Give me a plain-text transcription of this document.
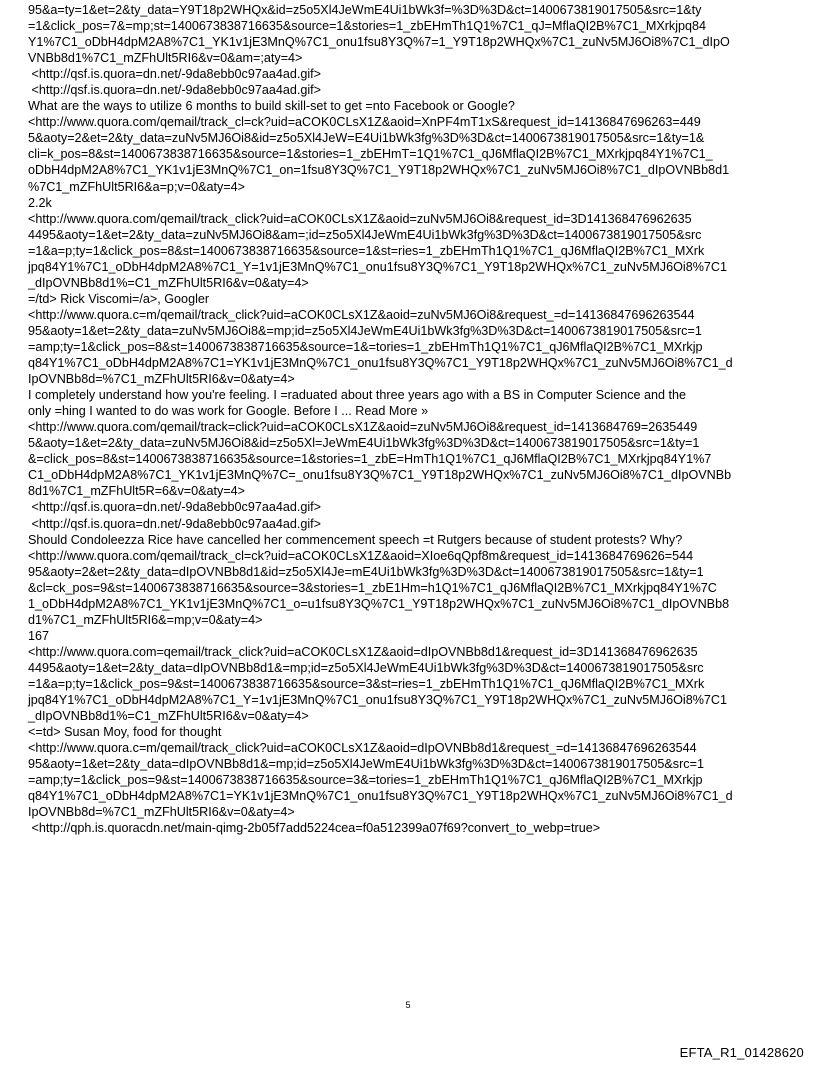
95&a=ty=1&et=2&ty_data=Y9T18p2WHQx&id=z5o5Xl4JeWmE4Ui1bWk3f=%3D%3D&ct=1400673819017505&src=1&ty
=1&click_pos=7&=mp;st=1400673838716635&source=1&stories=1_zbEHmTh1Q1%7C1_qJ=MflaQI2B%7C1_MXrkjpq84
Y1%7C1_oDbH4dpM2A8%7C1_YK1v1jE3MnQ%7C1_onu1fsu8Y3Q%7=1_Y9T18p2WHQx%7C1_zuNv5MJ6Oi8%7C1_dIpO
VNBb8d1%7C1_mZFhUlt5RI6&v=0&am=;aty=4>
<http://qsf.is.quora=dn.net/-9da8ebb0c97aa4ad.gif>
<http://qsf.is.quora=dn.net/-9da8ebb0c97aa4ad.gif>
What are the ways to utilize 6 months to build skill-set to get =nto Facebook or Google?
<http://www.quora.com/qemail/track_cl=ck?uid=aCOK0CLsX1Z&aoid=XnPF4mT1xS&request_id=14136847696263=449
5&aoty=2&et=2&ty_data=zuNv5MJ6Oi8&id=z5o5Xl4JeW=E4Ui1bWk3fg%3D%3D&ct=1400673819017505&src=1&ty=1&
cli=k_pos=8&st=1400673838716635&source=1&stories=1_zbEHmT=1Q1%7C1_qJ6MflaQI2B%7C1_MXrkjpq84Y1%7C1_
oDbH4dpM2A8%7C1_YK1v1jE3MnQ%7C1_on=1fsu8Y3Q%7C1_Y9T18p2WHQx%7C1_zuNv5MJ6Oi8%7C1_dIpOVNBb8d1
%7C1_mZFhUlt5RI6&a=p;v=0&aty=4>
2.2k
<http://www.quora.com/qemail/track_click?uid=aCOK0CLsX1Z&aoid=zuNv5MJ6Oi8&request_id=3D141368476962635
4495&aoty=1&et=2&ty_data=zuNv5MJ6Oi8&am=;id=z5o5Xl4JeWmE4Ui1bWk3fg%3D%3D&ct=1400673819017505&src
=1&a=p;ty=1&click_pos=8&st=1400673838716635&source=1&st=ries=1_zbEHmTh1Q1%7C1_qJ6MflaQI2B%7C1_MXrk
jpq84Y1%7C1_oDbH4dpM2A8%7C1_Y=1v1jE3MnQ%7C1_onu1fsu8Y3Q%7C1_Y9T18p2WHQx%7C1_zuNv5MJ6Oi8%7C1
_dIpOVNBb8d1%=C1_mZFhUlt5RI6&v=0&aty=4>
=/td> Rick Viscomi=/a>, Googler
<http://www.quora.c=m/qemail/track_click?uid=aCOK0CLsX1Z&aoid=zuNv5MJ6Oi8&request_=d=14136847696263544
95&aoty=1&et=2&ty_data=zuNv5MJ6Oi8&=mp;id=z5o5Xl4JeWmE4Ui1bWk3fg%3D%3D&ct=1400673819017505&src=1
=amp;ty=1&click_pos=8&st=1400673838716635&source=1&=tories=1_zbEHmTh1Q1%7C1_qJ6MflaQI2B%7C1_MXrkjp
q84Y1%7C1_oDbH4dpM2A8%7C1=YK1v1jE3MnQ%7C1_onu1fsu8Y3Q%7C1_Y9T18p2WHQx%7C1_zuNv5MJ6Oi8%7C1_d
IpOVNBb8d=%7C1_mZFhUlt5RI6&v=0&aty=4>
I completely understand how you're feeling. I =raduated about three years ago with a BS in Computer Science and the
only =hing I wanted to do was work for Google. Before I ... Read More »
<http://www.quora.com/qemail/track=click?uid=aCOK0CLsX1Z&aoid=zuNv5MJ6Oi8&request_id=1413684769=2635449
5&aoty=1&et=2&ty_data=zuNv5MJ6Oi8&id=z5o5Xl=JeWmE4Ui1bWk3fg%3D%3D&ct=1400673819017505&src=1&ty=1
&=click_pos=8&st=1400673838716635&source=1&stories=1_zbE=HmTh1Q1%7C1_qJ6MflaQI2B%7C1_MXrkjpq84Y1%7
C1_oDbH4dpM2A8%7C1_YK1v1jE3MnQ%7C=_onu1fsu8Y3Q%7C1_Y9T18p2WHQx%7C1_zuNv5MJ6Oi8%7C1_dIpOVNBb
8d1%7C1_mZFhUlt5R=6&v=0&aty=4>
<http://qsf.is.quora=dn.net/-9da8ebb0c97aa4ad.gif>
<http://qsf.is.quora=dn.net/-9da8ebb0c97aa4ad.gif>
Should Condoleezza Rice have cancelled her commencement speech =t Rutgers because of student protests? Why?
<http://www.quora.com/qemail/track_cl=ck?uid=aCOK0CLsX1Z&aoid=XIoe6qQpf8m&request_id=1413684769626=544
95&aoty=2&et=2&ty_data=dIpOVNBb8d1&id=z5o5Xl4Je=mE4Ui1bWk3fg%3D%3D&ct=1400673819017505&src=1&ty=1
&cl=ck_pos=9&st=1400673838716635&source=3&stories=1_zbE1Hm=h1Q1%7C1_qJ6MflaQI2B%7C1_MXrkjpq84Y1%7C
1_oDbH4dpM2A8%7C1_YK1v1jE3MnQ%7C1_o=u1fsu8Y3Q%7C1_Y9T18p2WHQx%7C1_zuNv5MJ6Oi8%7C1_dIpOVNBb8
d1%7C1_mZFhUlt5RI6&=mp;v=0&aty=4>
167
<http://www.quora.com=qemail/track_click?uid=aCOK0CLsX1Z&aoid=dIpOVNBb8d1&request_id=3D141368476962635
4495&aoty=1&et=2&ty_data=dIpOVNBb8d1&=mp;id=z5o5Xl4JeWmE4Ui1bWk3fg%3D%3D&ct=1400673819017505&src
=1&a=p;ty=1&click_pos=9&st=1400673838716635&source=3&st=ries=1_zbEHmTh1Q1%7C1_qJ6MflaQI2B%7C1_MXrk
jpq84Y1%7C1_oDbH4dpM2A8%7C1_Y=1v1jE3MnQ%7C1_onu1fsu8Y3Q%7C1_Y9T18p2WHQx%7C1_zuNv5MJ6Oi8%7C1
_dIpOVNBb8d1%=C1_mZFhUlt5RI6&v=0&aty=4>
<=td> Susan Moy, food for thought
<http://www.quora.c=m/qemail/track_click?uid=aCOK0CLsX1Z&aoid=dIpOVNBb8d1&request_=d=14136847696263544
95&aoty=1&et=2&ty_data=dIpOVNBb8d1&=mp;id=z5o5Xl4JeWmE4Ui1bWk3fg%3D%3D&ct=1400673819017505&src=1
=amp;ty=1&click_pos=9&st=1400673838716635&source=3&=tories=1_zbEHmTh1Q1%7C1_qJ6MflaQI2B%7C1_MXrkjp
q84Y1%7C1_oDbH4dpM2A8%7C1=YK1v1jE3MnQ%7C1_onu1fsu8Y3Q%7C1_Y9T18p2WHQx%7C1_zuNv5MJ6Oi8%7C1_d
IpOVNBb8d=%7C1_mZFhUlt5RI6&v=0&aty=4>
<http://qph.is.quoracdn.net/main-qimg-2b05f7add5224cea=f0a512399a07f69?convert_to_webp=true>
5
EFTA_R1_01428620
